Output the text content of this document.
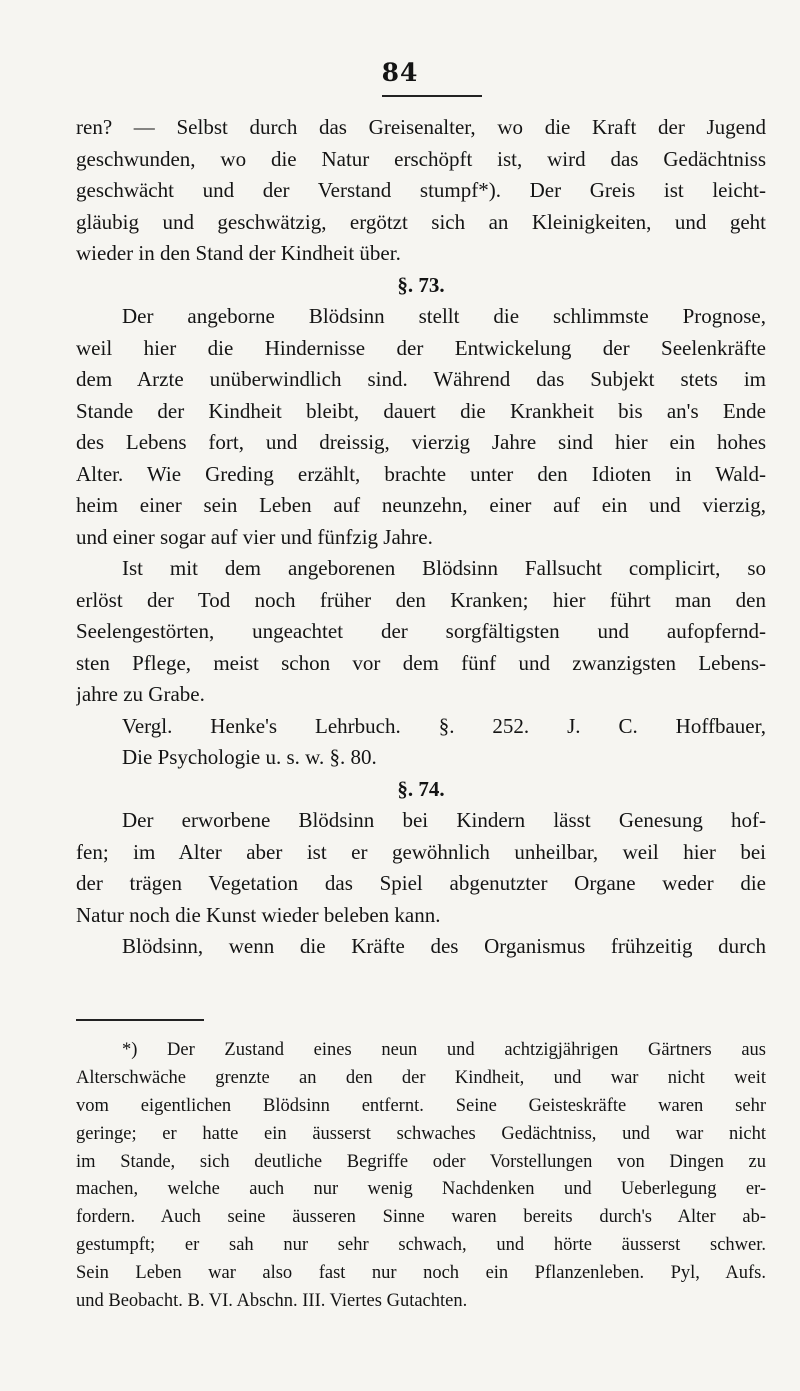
84
ren? — Selbst durch das Greisenalter, wo die Kraft der Jugend
geschwunden, wo die Natur erschöpft ist, wird das Gedächtniss
geschwächt und der Verstand stumpf*). Der Greis ist leicht-
gläubig und geschwätzig, ergötzt sich an Kleinigkeiten, und geht
wieder in den Stand der Kindheit über.
§. 73.
Der angeborne Blödsinn stellt die schlimmste Prognose,
weil hier die Hindernisse der Entwickelung der Seelenkräfte
dem Arzte unüberwindlich sind. Während das Subjekt stets im
Stande der Kindheit bleibt, dauert die Krankheit bis an's Ende
des Lebens fort, und dreissig, vierzig Jahre sind hier ein hohes
Alter. Wie Greding erzählt, brachte unter den Idioten in Wald-
heim einer sein Leben auf neunzehn, einer auf ein und vierzig,
und einer sogar auf vier und fünfzig Jahre.
Ist mit dem angeborenen Blödsinn Fallsucht complicirt, so
erlöst der Tod noch früher den Kranken; hier führt man den
Seelengestörten, ungeachtet der sorgfältigsten und aufopfernd-
sten Pflege, meist schon vor dem fünf und zwanzigsten Lebens-
jahre zu Grabe.
Vergl. Henke's Lehrbuch. §. 252. J. C. Hoffbauer,
Die Psychologie u. s. w. §. 80.
§. 74.
Der erworbene Blödsinn bei Kindern lässt Genesung hof-
fen; im Alter aber ist er gewöhnlich unheilbar, weil hier bei
der trägen Vegetation das Spiel abgenutzter Organe weder die
Natur noch die Kunst wieder beleben kann.
Blödsinn, wenn die Kräfte des Organismus frühzeitig durch
*) Der Zustand eines neun und achtzigjährigen Gärtners aus
Alterschwäche grenzte an den der Kindheit, und war nicht weit
vom eigentlichen Blödsinn entfernt. Seine Geisteskräfte waren sehr
geringe; er hatte ein äusserst schwaches Gedächtniss, und war nicht
im Stande, sich deutliche Begriffe oder Vorstellungen von Dingen zu
machen, welche auch nur wenig Nachdenken und Ueberlegung er-
fordern. Auch seine äusseren Sinne waren bereits durch's Alter ab-
gestumpft; er sah nur sehr schwach, und hörte äusserst schwer.
Sein Leben war also fast nur noch ein Pflanzenleben. Pyl, Aufs.
und Beobacht. B. VI. Abschn. III. Viertes Gutachten.
